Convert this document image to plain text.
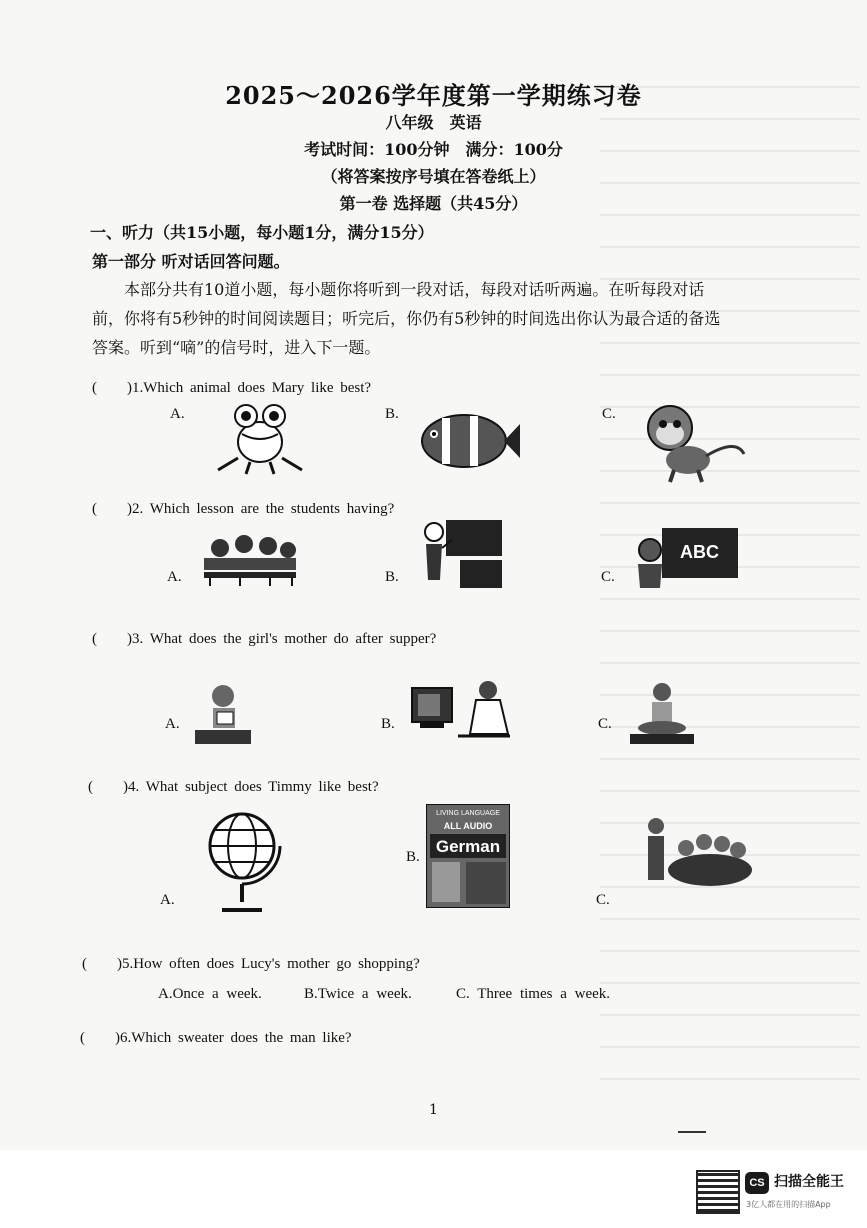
2025～2026学年度第一学期练习卷
八年级　英语
考试时间：100分钟　满分：100分
（将答案按序号填在答卷纸上）
第一卷 选择题（共45分）
一、听力（共15小题，每小题1分，满分15分）
第一部分 听对话回答问题。
本部分共有10道小题，每小题你将听到一段对话，每段对话听两遍。在听每段对话前，你将有5秒钟的时间阅读题目；听完后，你仍有5秒钟的时间选出你认为最合适的备选答案。听到“嘀”的信号时，进入下一题。
(　　)1.Which animal does Mary like best?
A.	B.	C.
(　　)2. Which lesson are the students having?
A.	B.	C.
ABC
(　　)3. What does the girl's mother do after supper?
A.	B.	C.
(　　)4. What subject does Timmy like best?
A.
B.
C.
LIVING LANGUAGE
ALL AUDIO
German
(　　)5.How often does Lucy's mother go shopping?
A.Once a week.	B.Twice a week.	C. Three times a week.
(　　)6.Which sweater does the man like?
1
CS 扫描全能王
3亿人都在用的扫描App
